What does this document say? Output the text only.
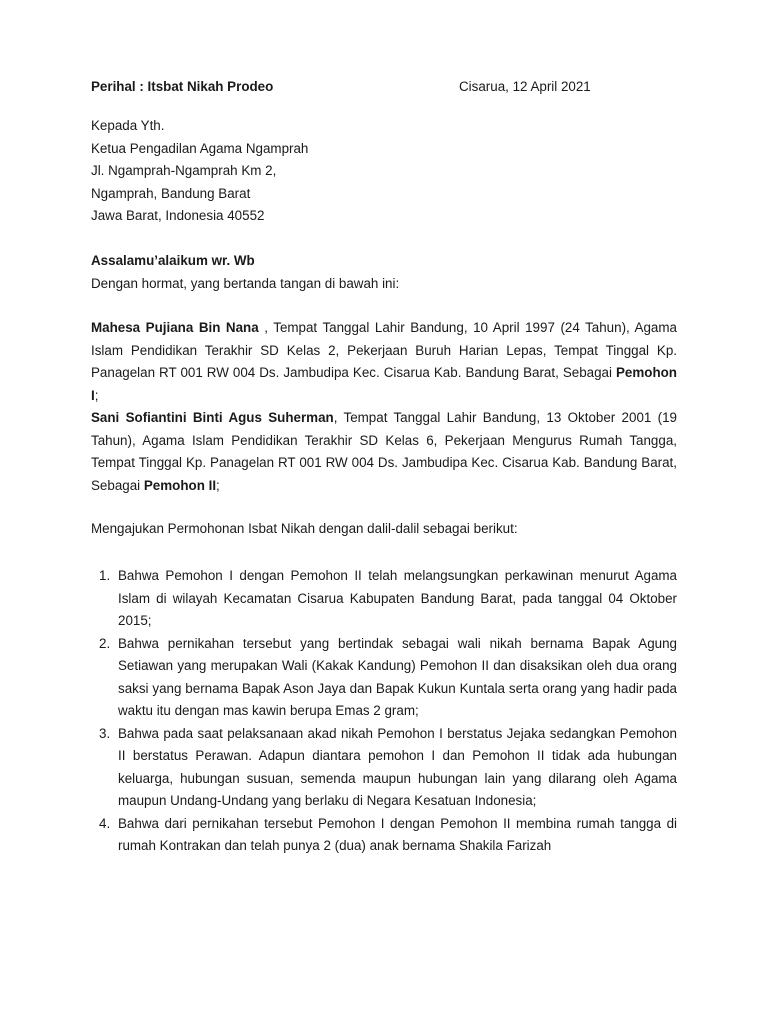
Perihal : Itsbat Nikah Prodeo	Cisarua, 12 April 2021
Kepada Yth.
Ketua Pengadilan Agama Ngamprah
Jl. Ngamprah-Ngamprah Km 2,
Ngamprah, Bandung Barat
Jawa Barat, Indonesia 40552
Assalamu’alaikum wr. Wb
Dengan hormat, yang bertanda tangan di bawah ini:

Mahesa Pujiana Bin Nana , Tempat Tanggal Lahir Bandung, 10 April 1997 (24 Tahun), Agama Islam Pendidikan Terakhir SD Kelas 2, Pekerjaan Buruh Harian Lepas, Tempat Tinggal Kp. Panagelan RT 001 RW 004 Ds. Jambudipa Kec. Cisarua Kab. Bandung Barat, Sebagai Pemohon I;

Sani Sofiantini Binti Agus Suherman, Tempat Tanggal Lahir Bandung, 13 Oktober 2001 (19 Tahun), Agama Islam Pendidikan Terakhir SD Kelas 6, Pekerjaan Mengurus Rumah Tangga, Tempat Tinggal Kp. Panagelan RT 001 RW 004 Ds. Jambudipa Kec. Cisarua Kab. Bandung Barat, Sebagai Pemohon II;

Mengajukan Permohonan Isbat Nikah dengan dalil-dalil sebagai berikut:
1. Bahwa Pemohon I dengan Pemohon II telah melangsungkan perkawinan menurut Agama Islam di wilayah Kecamatan Cisarua Kabupaten Bandung Barat, pada tanggal 04 Oktober 2015;
2. Bahwa pernikahan tersebut yang bertindak sebagai wali nikah bernama Bapak Agung Setiawan yang merupakan Wali (Kakak Kandung) Pemohon II dan disaksikan oleh dua orang saksi yang bernama Bapak Ason Jaya dan Bapak Kukun Kuntala serta orang yang hadir pada waktu itu dengan mas kawin berupa Emas 2 gram;
3. Bahwa pada saat pelaksanaan akad nikah Pemohon I berstatus Jejaka sedangkan Pemohon II berstatus Perawan. Adapun diantara pemohon I dan Pemohon II tidak ada hubungan keluarga, hubungan susuan, semenda maupun hubungan lain yang dilarang oleh Agama maupun Undang-Undang yang berlaku di Negara Kesatuan Indonesia;
4. Bahwa dari pernikahan tersebut Pemohon I dengan Pemohon II membina rumah tangga di rumah Kontrakan dan telah punya 2 (dua) anak bernama Shakila Farizah
